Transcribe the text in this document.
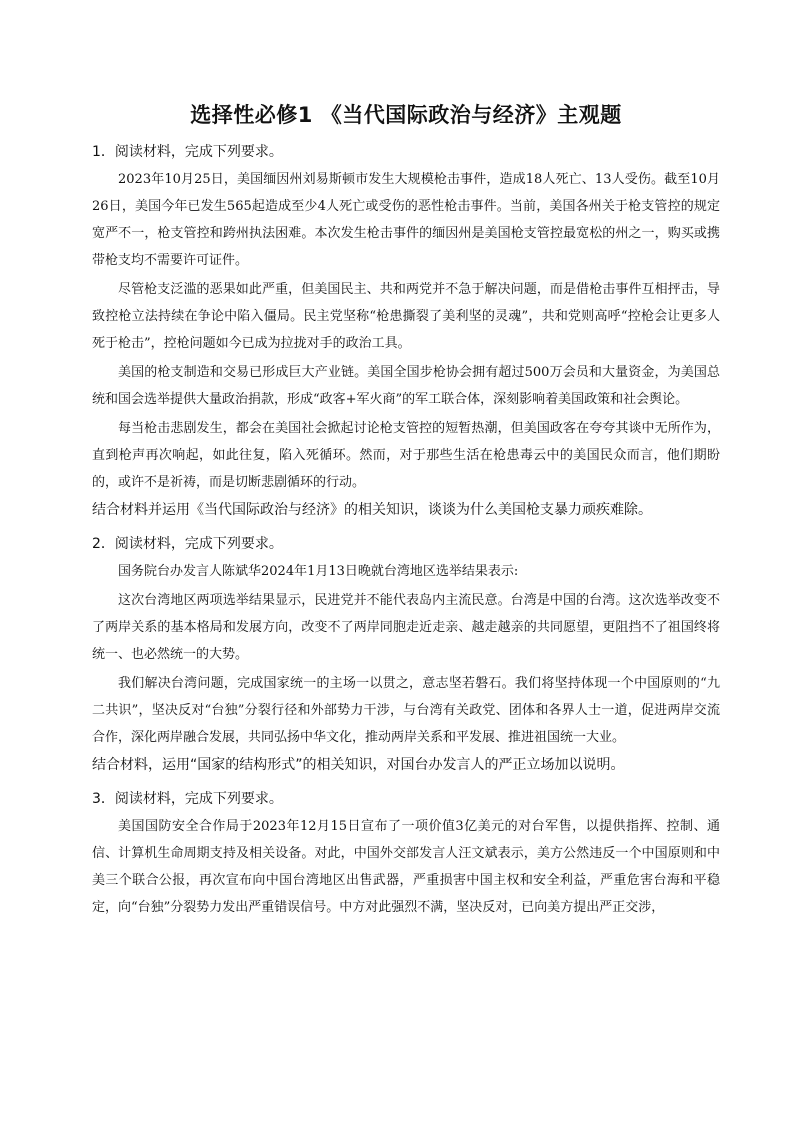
选择性必修1 《当代国际政治与经济》主观题
1．阅读材料，完成下列要求。

2023年10月25日，美国缅因州刘易斯顿市发生大规模枪击事件，造成18人死亡、13人受伤。截至10月26日，美国今年已发生565起造成至少4人死亡或受伤的恶性枪击事件。当前，美国各州关于枪支管控的规定宽严不一，枪支管控和跨州执法困难。本次发生枪击事件的缅因州是美国枪支管控最宽松的州之一，购买或携带枪支均不需要许可证件。

尽管枪支泛滥的恶果如此严重，但美国民主、共和两党并不急于解决问题，而是借枪击事件互相抨击，导致控枪立法持续在争论中陷入僵局。民主党坚称“枪患撕裂了美利坚的灵魂”，共和党则高呼“控枪会让更多人死于枪击”，控枪问题如今已成为拉拢对手的政治工具。

美国的枪支制造和交易已形成巨大产业链。美国全国步枪协会拥有超过500万会员和大量资金，为美国总统和国会选举提供大量政治捐款，形成“政客+军火商”的军工联合体，深刻影响着美国政策和社会舆论。

每当枪击悲剧发生，都会在美国社会掀起讨论枪支管控的短暂热潮，但美国政客在夸夸其谈中无所作为，直到枪声再次响起，如此往复，陷入死循环。然而，对于那些生活在枪患毒云中的美国民众而言，他们期盼的，或许不是祈祷，而是切断悲剧循环的行动。

结合材料并运用《当代国际政治与经济》的相关知识，谈谈为什么美国枪支暴力顽疾难除。
2．阅读材料，完成下列要求。

国务院台办发言人陈斌华2024年1月13日晚就台湾地区选举结果表示:

这次台湾地区两项选举结果显示，民进党并不能代表岛内主流民意。台湾是中国的台湾。这次选举改变不了两岸关系的基本格局和发展方向，改变不了两岸同胞走近走亲、越走越亲的共同愿望，更阻挡不了祖国终将统一、也必然统一的大势。

我们解决台湾问题，完成国家统一的主场一以贯之，意志坚若磐石。我们将坚持体现一个中国原则的“九二共识”，坚决反对“台独”分裂行径和外部势力干涉，与台湾有关政党、团体和各界人士一道，促进两岸交流合作，深化两岸融合发展，共同弘扬中华文化，推动两岸关系和平发展、推进祖国统一大业。

结合材料，运用“国家的结构形式”的相关知识，对国台办发言人的严正立场加以说明。
3．阅读材料，完成下列要求。

美国国防安全合作局于2023年12月15日宣布了一项价值3亿美元的对台军售，以提供指挥、控制、通信、计算机生命周期支持及相关设备。对此，中国外交部发言人汪文斌表示，美方公然违反一个中国原则和中美三个联合公报，再次宣布向中国台湾地区出售武器，严重损害中国主权和安全利益，严重危害台海和平稳定，向“台独”分裂势力发出严重错误信号。中方对此强烈不满，坚决反对，已向美方提出严正交涉，
